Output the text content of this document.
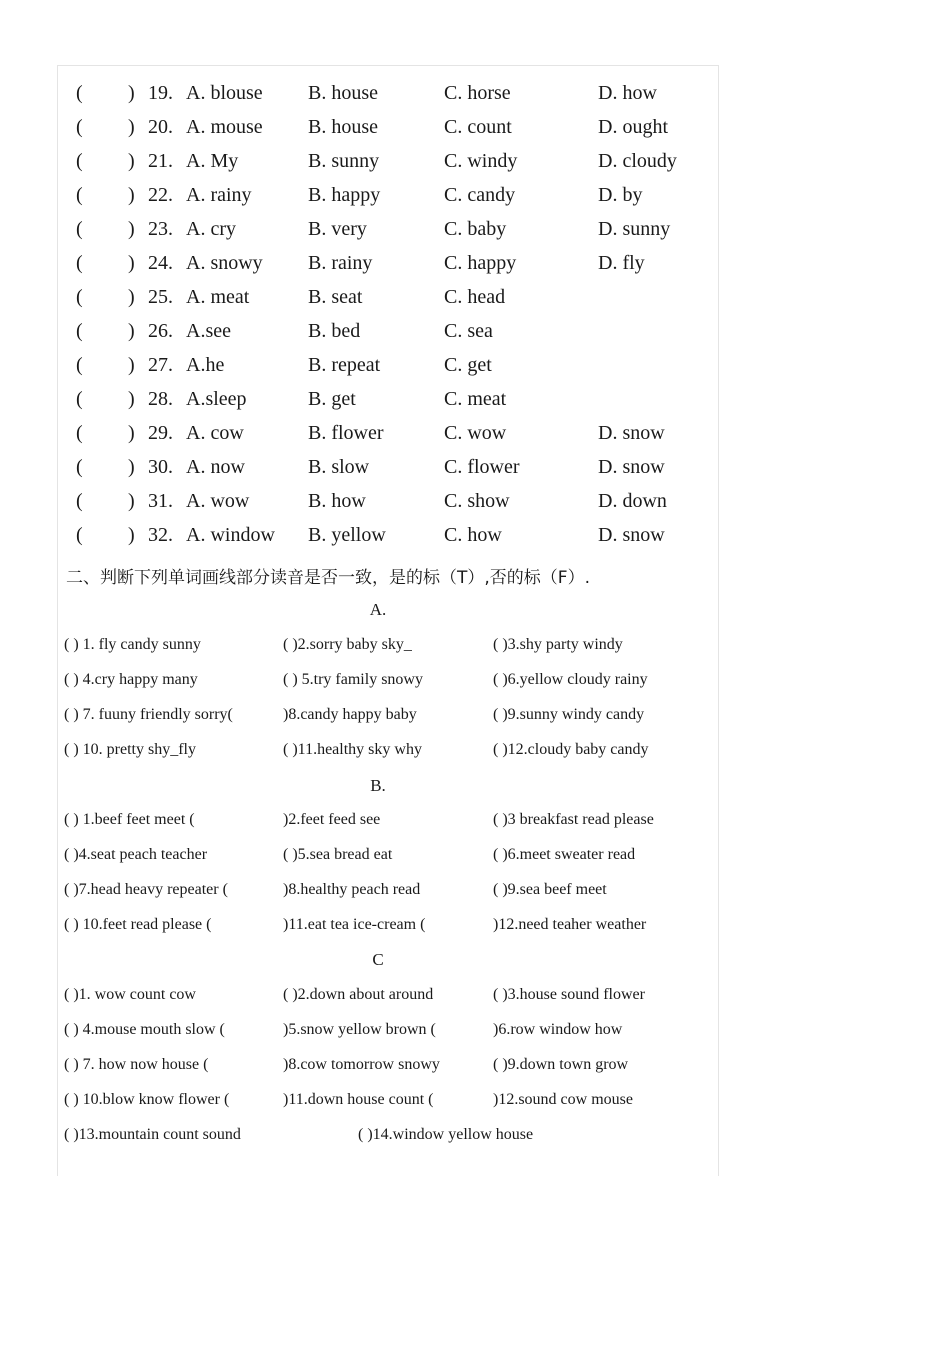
( ) 19. A. blouse B. house	C. horse	D. how
( ) 20. A. mouse B. house	C. count	D. ought
( ) 21. A. My	B. sunny	C. windy	D. cloudy
( ) 22. A. rainy	B. happy	C. candy	D. by
( ) 23. A. cry	B. very	C. baby	D. sunny
( ) 24. A. snowy B. rainy	C. happy	D. fly
( ) 25. A. meat	B. seat	C. head
( ) 26. A.see	B. bed	C. sea
( ) 27. A.he	B. repeat	C. get
( ) 28. A.sleep	B. get	C. meat
( ) 29. A. cow	B. flower	C. wow	D. snow
( ) 30. A. now	B. slow	C. flower	D. snow
( ) 31. A. wow	B. how	C. show	D. down
( ) 32. A. window B. yellow	C. how	D. snow
二、判断下列单词画线部分读音是否一致，是的标（T）,否的标（F）.
A.
( ) 1. fly candy sunny	( )2.sorry baby sky_	( )3.shy party windy
( ) 4.cry happy many	( ) 5.try family snowy	( )6.yellow cloudy rainy
( ) 7. fuuny friendly sorry(	)8.candy happy baby	( )9.sunny windy candy
( ) 10. pretty shy_fly	( )11.healthy sky why	( )12.cloudy baby candy
B.
( ) 1.beef feet meet (	)2.feet feed see	( )3 breakfast read please
( )4.seat peach teacher	( )5.sea bread eat	( )6.meet sweater read
( )7.head heavy repeater (	)8.healthy peach read	( )9.sea beef meet
( ) 10.feet read please (	)11.eat tea ice-cream (	)12.need teaher weather
C
( )1. wow count cow	( )2.down about around	( )3.house sound flower
( ) 4.mouse mouth slow (	)5.snow yellow brown (	)6.row window how
( ) 7. how now house (	)8.cow tomorrow snowy	( )9.down town grow
( ) 10.blow know flower (	)11.down house count (	)12.sound cow mouse
( )13.mountain count sound	( )14.window yellow house
